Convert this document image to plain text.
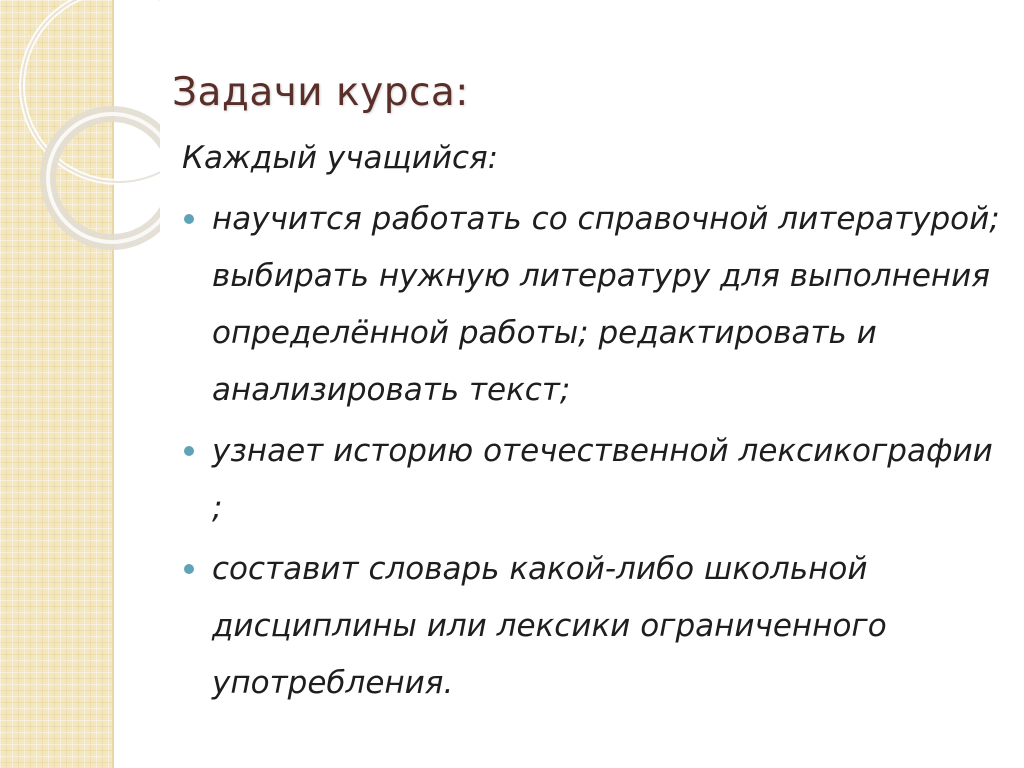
Задачи курса:

Каждый учащийся:

научится работать со справочной литературой; выбирать нужную литературу для выполнения определённой работы; редактировать и анализировать текст;
узнает историю отечественной лексикографии ;
составит словарь какой-либо школьной дисциплины или лексики ограниченного употребления.
